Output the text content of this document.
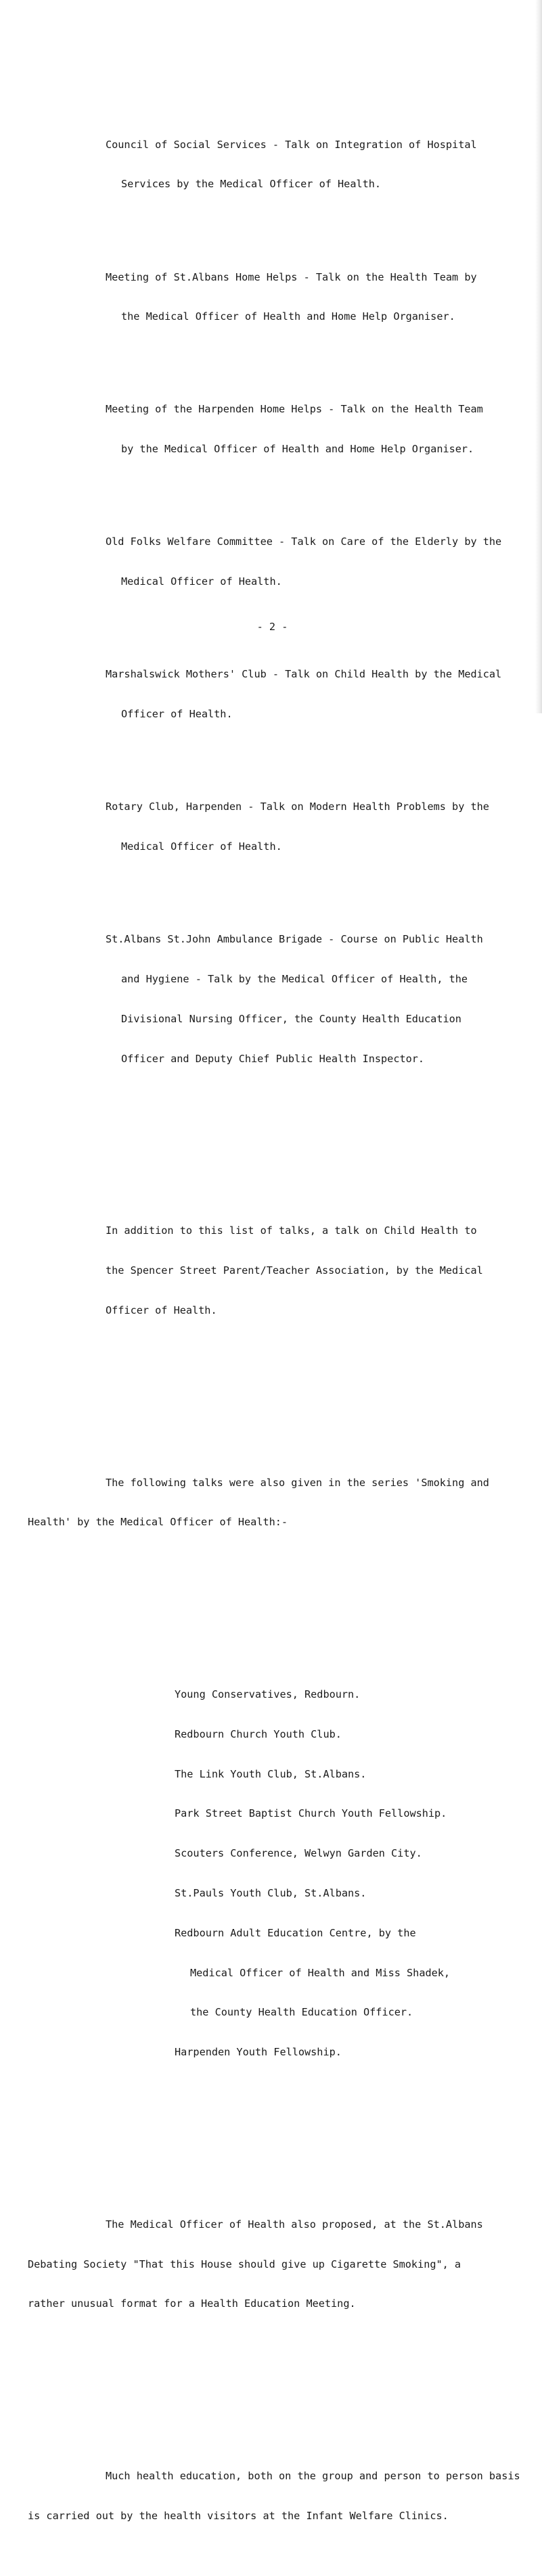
Council of Social Services - Talk on Integration of Hospital

Services by the Medical Officer of Health.

Meeting of St.Albans Home Helps - Talk on the Health Team by

the Medical Officer of Health and Home Help Organiser.

Meeting of the Harpenden Home Helps - Talk on the Health Team

by the Medical Officer of Health and Home Help Organiser.

Old Folks Welfare Committee - Talk on Care of the Elderly by the

Medical Officer of Health.

Marshalswick Mothers' Club - Talk on Child Health by the Medical

Officer of Health.

Rotary Club, Harpenden - Talk on Modern Health Problems by the

Medical Officer of Health.

St.Albans St.John Ambulance Brigade - Course on Public Health

and Hygiene - Talk by the Medical Officer of Health, the

Divisional Nursing Officer, the County Health Education

Officer and Deputy Chief Public Health Inspector.

In addition to this list of talks, a talk on Child Health to

the Spencer Street Parent/Teacher Association, by the Medical

Officer of Health.

The following talks were also given in the series 'Smoking and

Health' by the Medical Officer of Health:-

Young Conservatives, Redbourn.

Redbourn Church Youth Club.

The Link Youth Club, St.Albans.

Park Street Baptist Church Youth Fellowship.

Scouters Conference, Welwyn Garden City.

St.Pauls Youth Club, St.Albans.

Redbourn Adult Education Centre, by the

Medical Officer of Health and Miss Shadek,

the County Health Education Officer.

Harpenden Youth Fellowship.

The Medical Officer of Health also proposed, at the St.Albans

Debating Society "That this House should give up Cigarette Smoking", a

rather unusual format for a Health Education Meeting.

Much health education, both on the group and person to person basis

is carried out by the health visitors at the Infant Welfare Clinics.

- 2 -
